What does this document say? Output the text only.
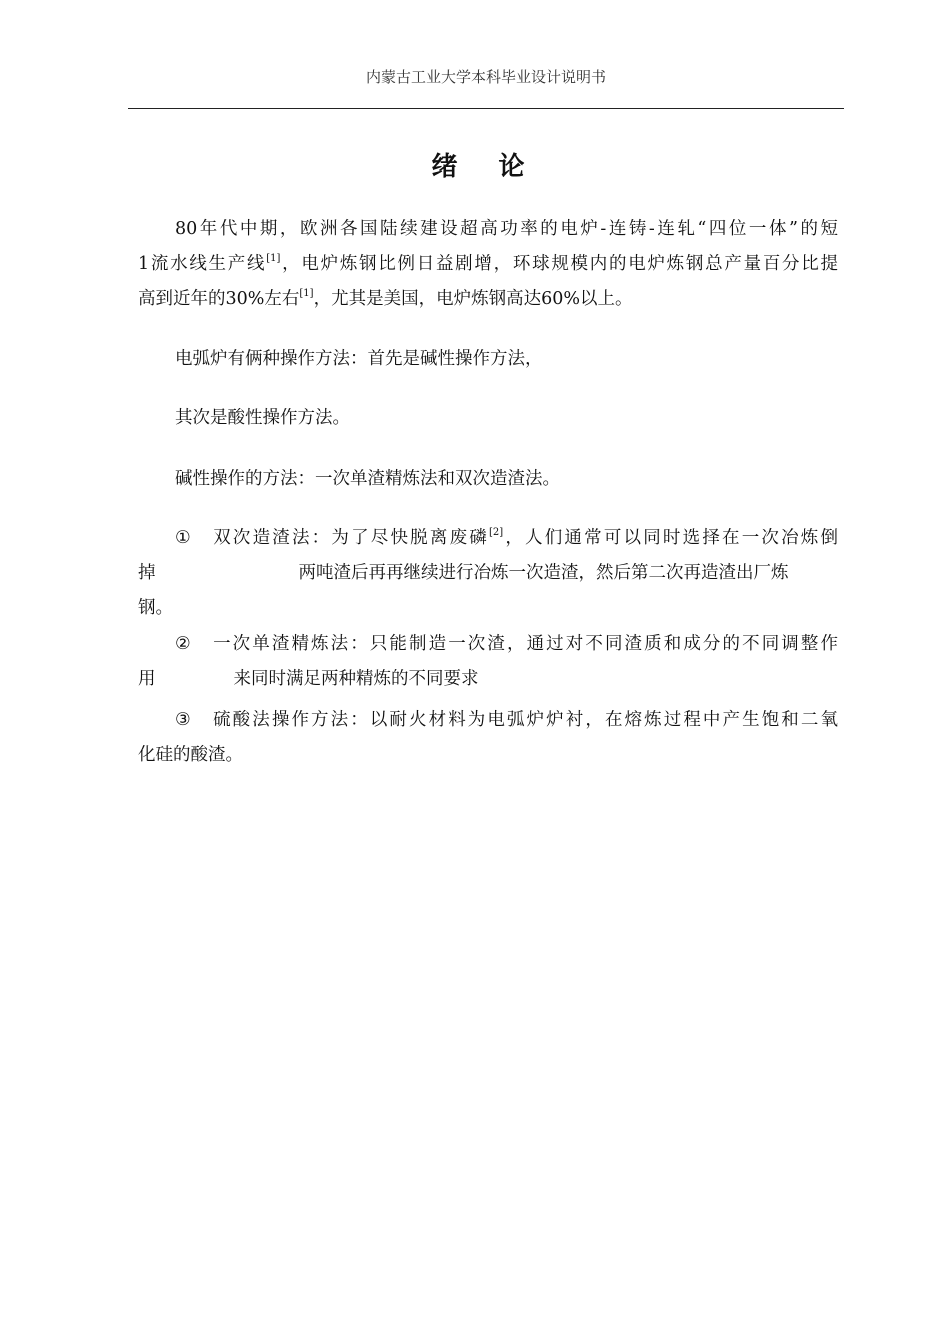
内蒙古工业大学本科毕业设计说明书
绪 论
80年代中期，欧洲各国陆续建设超高功率的电炉-连铸-连轧“四位一体”的短
1流水线生产线[1]，电炉炼钢比例日益剧增，环球规模内的电炉炼钢总产量百分比提
高到近年的30%左右[1]，尤其是美国，电炉炼钢高达60%以上。
电弧炉有俩种操作方法：首先是碱性操作方法，
其次是酸性操作方法。
碱性操作的方法：一次单渣精炼法和双次造渣法。
① 双次造渣法：为了尽快脱离废磷[2]，人们通常可以同时选择在一次冶炼倒
掉	两吨渣后再再继续进行冶炼一次造渣，然后第二次再造渣出厂炼
钢。
② 一次单渣精炼法：只能制造一次渣，通过对不同渣质和成分的不同调整作
用	来同时满足两种精炼的不同要求
③ 硫酸法操作方法：以耐火材料为电弧炉炉衬，在熔炼过程中产生饱和二氧
化硅的酸渣。
